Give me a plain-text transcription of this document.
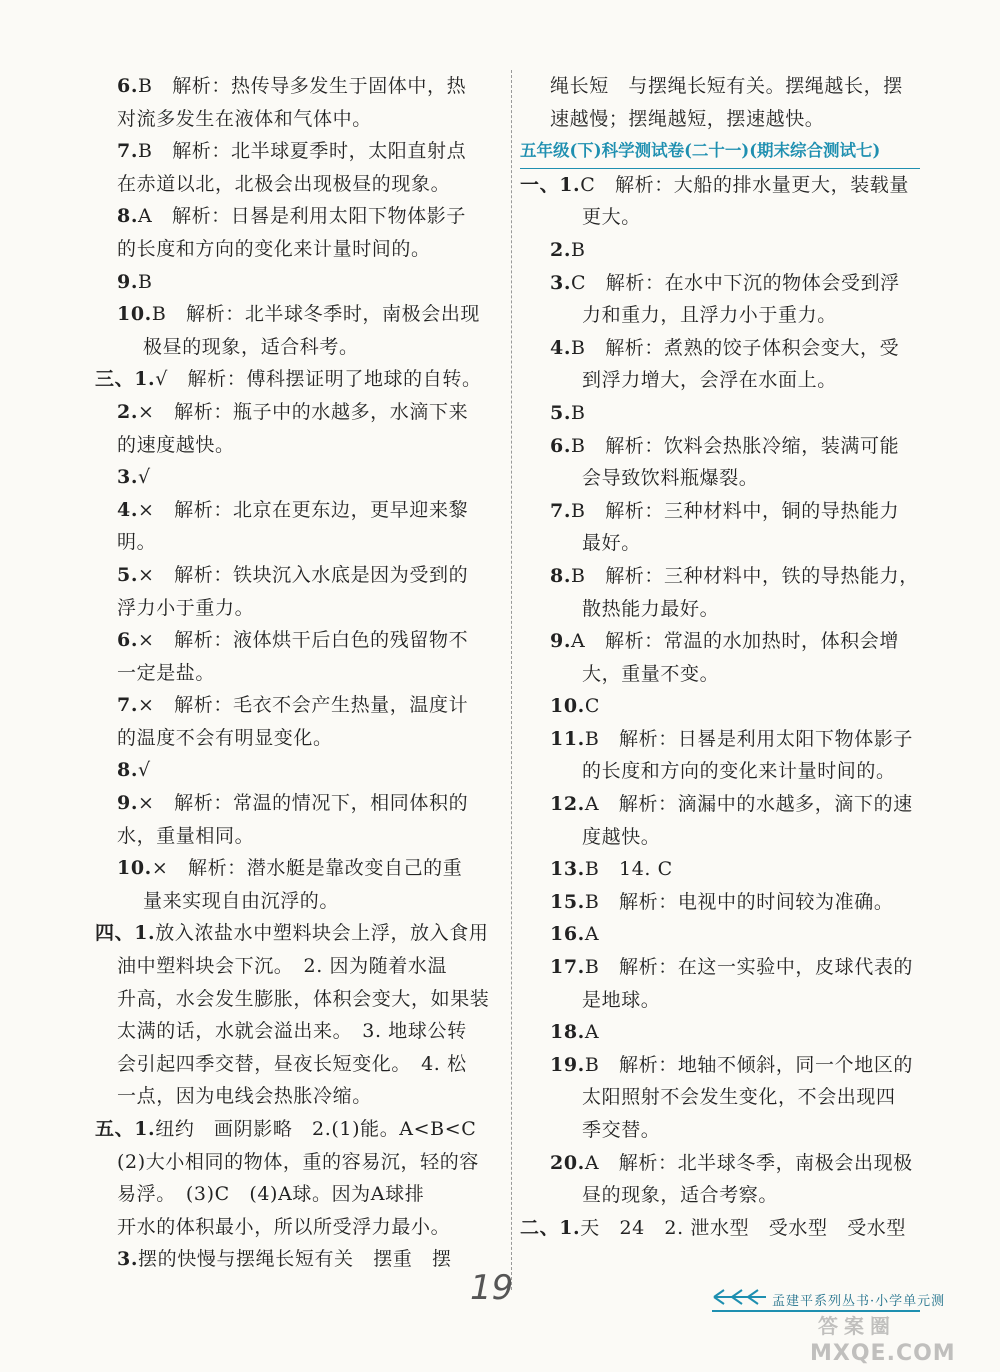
6.B　解析：热传导多发生于固体中，热
对流多发生在液体和气体中。
7.B　解析：北半球夏季时，太阳直射点
在赤道以北，北极会出现极昼的现象。
8.A　解析：日晷是利用太阳下物体影子
的长度和方向的变化来计量时间的。
9.B
10.B　解析：北半球冬季时，南极会出现
极昼的现象，适合科考。
三、1.√　解析：傅科摆证明了地球的自转。
2.×　解析：瓶子中的水越多，水滴下来
的速度越快。
3.√
4.×　解析：北京在更东边，更早迎来黎
明。
5.×　解析：铁块沉入水底是因为受到的
浮力小于重力。
6.×　解析：液体烘干后白色的残留物不
一定是盐。
7.×　解析：毛衣不会产生热量，温度计
的温度不会有明显变化。
8.√
9.×　解析：常温的情况下，相同体积的
水，重量相同。
10.×　解析：潜水艇是靠改变自己的重
量来实现自由沉浮的。
四、1.放入浓盐水中塑料块会上浮，放入食用
油中塑料块会下沉。　2. 因为随着水温
升高，水会发生膨胀，体积会变大，如果装
太满的话，水就会溢出来。　3. 地球公转
会引起四季交替，昼夜长短变化。　4. 松
一点，因为电线会热胀冷缩。
五、1.纽约　画阴影略　2.(1)能。A<B<C
(2)大小相同的物体，重的容易沉，轻的容
易浮。　(3)C　(4)A球。因为A球排
开水的体积最小，所以所受浮力最小。
3.摆的快慢与摆绳长短有关　摆重　摆
绳长短　与摆绳长短有关。摆绳越长，摆
速越慢；摆绳越短，摆速越快。
五年级(下)科学测试卷(二十一)(期末综合测试七)
一、1.C　解析：大船的排水量更大，装载量
更大。
2.B
3.C　解析：在水中下沉的物体会受到浮
力和重力，且浮力小于重力。
4.B　解析：煮熟的饺子体积会变大，受
到浮力增大，会浮在水面上。
5.B
6.B　解析：饮料会热胀冷缩，装满可能
会导致饮料瓶爆裂。
7.B　解析：三种材料中，铜的导热能力
最好。
8.B　解析：三种材料中，铁的导热能力，
散热能力最好。
9.A　解析：常温的水加热时，体积会增
大，重量不变。
10.C
11.B　解析：日晷是利用太阳下物体影子
的长度和方向的变化来计量时间的。
12.A　解析：滴漏中的水越多，滴下的速
度越快。
13.B　14. C
15.B　解析：电视中的时间较为准确。
16.A
17.B　解析：在这一实验中，皮球代表的
是地球。
18.A
19.B　解析：地轴不倾斜，同一个地区的
太阳照射不会发生变化，不会出现四
季交替。
20.A　解析：北半球冬季，南极会出现极
昼的现象，适合考察。
二、1.天　24　2. 泄水型　受水型　受水型
19	孟建平系列丛书·小学单元测
答案圈
MXQE.COM
